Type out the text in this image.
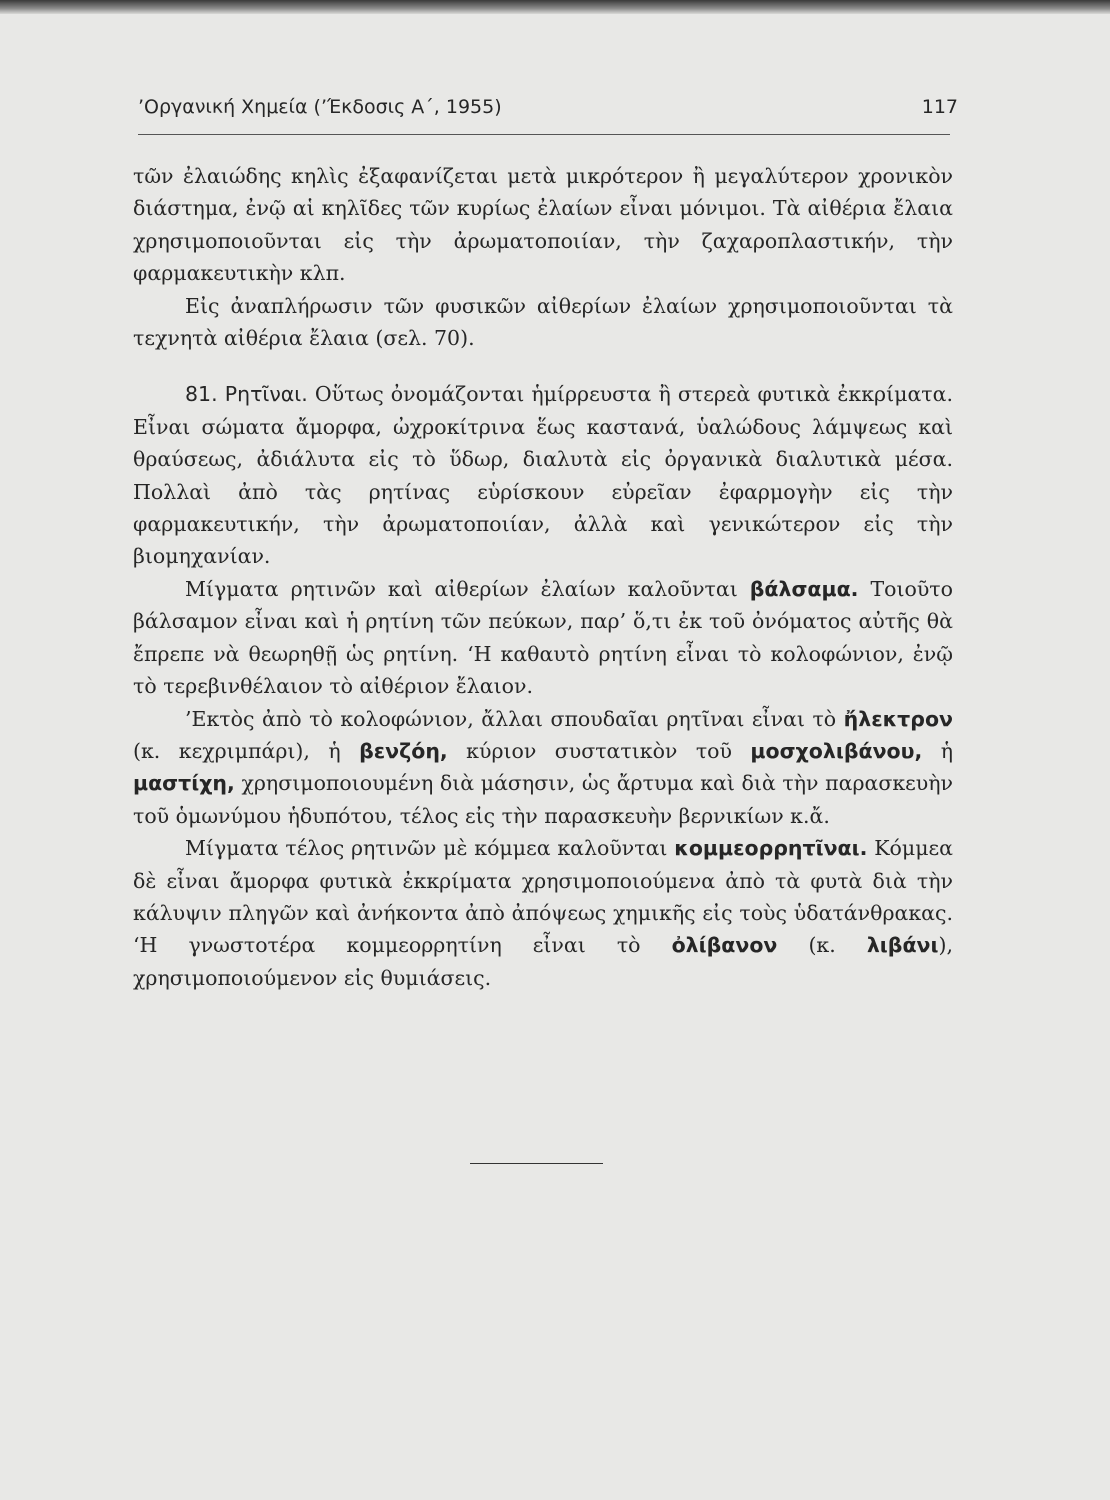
’Οργανική Χημεία (’Έκδοσις Α΄, 1955)	117

τῶν ἐλαιώδης κηλὶς ἐξαφανίζεται μετὰ μικρότερον ἢ μεγαλύτερον χρονικὸν διάστημα, ἐνῷ αἱ κηλῖδες τῶν κυρίως ἐλαίων εἶναι μόνιμοι. Τὰ αἰθέρια ἔλαια χρησιμοποιοῦνται εἰς τὴν ἀρωματοποιίαν, τὴν ζαχαροπλαστικήν, τὴν φαρμακευτικὴν κλπ.

Εἰς ἀναπλήρωσιν τῶν φυσικῶν αἰθερίων ἐλαίων χρησιμοποιοῦνται τὰ τεχνητὰ αἰθέρια ἔλαια (σελ. 70).

81. Ρητῖναι. Οὕτως ὀνομάζονται ἡμίρρευστα ἢ στερεὰ φυτικὰ ἐκκρίματα. Εἶναι σώματα ἄμορφα, ὠχροκίτρινα ἕως καστανά, ὑαλώδους λάμψεως καὶ θραύσεως, ἀδιάλυτα εἰς τὸ ὕδωρ, διαλυτὰ εἰς ὀργανικὰ διαλυτικὰ μέσα. Πολλαὶ ἀπὸ τὰς ρητίνας εὑρίσκουν εὐρεῖαν ἐφαρμογὴν εἰς τὴν φαρμακευτικήν, τὴν ἀρωματοποιίαν, ἀλλὰ καὶ γενικώτερον εἰς τὴν βιομηχανίαν.

Μίγματα ρητινῶν καὶ αἰθερίων ἐλαίων καλοῦνται βάλσαμα. Τοιοῦτο βάλσαμον εἶναι καὶ ἡ ρητίνη τῶν πεύκων, παρ’ ὅ,τι ἐκ τοῦ ὀνόματος αὐτῆς θὰ ἔπρεπε νὰ θεωρηθῇ ὡς ρητίνη. ‘Η καθαυτὸ ρητίνη εἶναι τὸ κολοφώνιον, ἐνῷ τὸ τερεβινθέλαιον τὸ αἰθέριον ἔλαιον.

’Εκτὸς ἀπὸ τὸ κολοφώνιον, ἄλλαι σπουδαῖαι ρητῖναι εἶναι τὸ ἤλεκτρον (κ. κεχριμπάρι), ἡ βενζόη, κύριον συστατικὸν τοῦ μοσχολιβάνου, ἡ μαστίχη, χρησιμοποιουμένη διὰ μάσησιν, ὡς ἄρτυμα καὶ διὰ τὴν παρασκευὴν τοῦ ὁμωνύμου ἡδυπότου, τέλος εἰς τὴν παρασκευὴν βερνικίων κ.ἄ.

Μίγματα τέλος ρητινῶν μὲ κόμμεα καλοῦνται κομμεορρητῖναι. Κόμμεα δὲ εἶναι ἄμορφα φυτικὰ ἐκκρίματα χρησιμοποιούμενα ἀπὸ τὰ φυτὰ διὰ τὴν κάλυψιν πληγῶν καὶ ἀνήκοντα ἀπὸ ἀπόψεως χημικῆς εἰς τοὺς ὑδατάνθρακας. ‘Η γνωστοτέρα κομμεορρητίνη εἶναι τὸ ὀλίβανον (κ. λιβάνι), χρησιμοποιούμενον εἰς θυμιάσεις.
